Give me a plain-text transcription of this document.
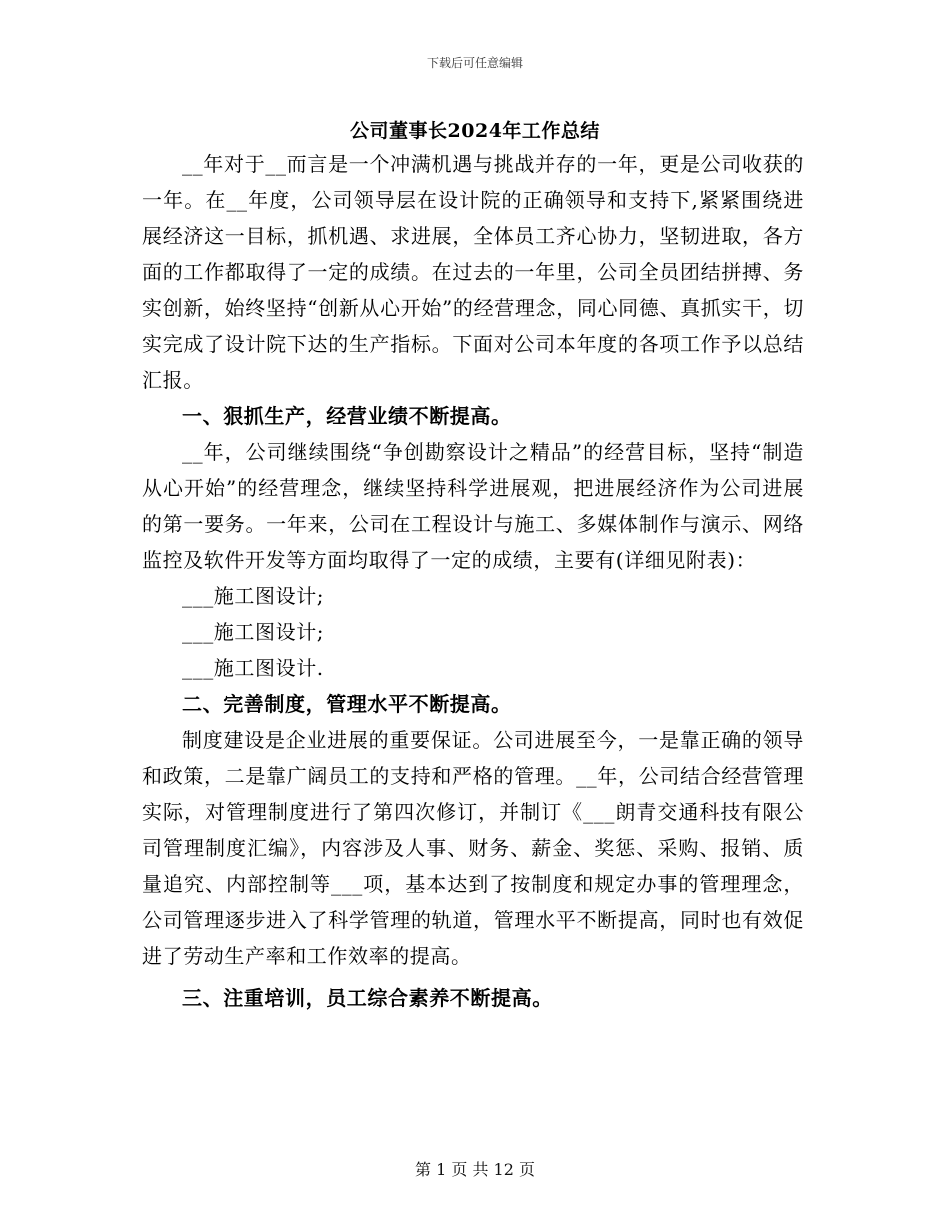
下载后可任意编辑
公司董事长2024年工作总结

__年对于__而言是一个冲满机遇与挑战并存的一年，更是公司收获的一年。在__年度，公司领导层在设计院的正确领导和支持下,紧紧围绕进展经济这一目标，抓机遇、求进展，全体员工齐心协力，坚韧进取，各方面的工作都取得了一定的成绩。在过去的一年里，公司全员团结拼搏、务实创新，始终坚持“创新从心开始”的经营理念，同心同德、真抓实干，切实完成了设计院下达的生产指标。下面对公司本年度的各项工作予以总结汇报。

一、狠抓生产，经营业绩不断提高。

__年，公司继续围绕“争创勘察设计之精品”的经营目标，坚持“制造从心开始”的经营理念，继续坚持科学进展观，把进展经济作为公司进展的第一要务。一年来，公司在工程设计与施工、多媒体制作与演示、网络监控及软件开发等方面均取得了一定的成绩，主要有(详细见附表)：

___施工图设计;

___施工图设计;

___施工图设计.

二、完善制度，管理水平不断提高。

制度建设是企业进展的重要保证。公司进展至今，一是靠正确的领导和政策，二是靠广阔员工的支持和严格的管理。__年，公司结合经营管理实际，对管理制度进行了第四次修订，并制订《___朗青交通科技有限公司管理制度汇编》，内容涉及人事、财务、薪金、奖惩、采购、报销、质量追究、内部控制等___项，基本达到了按制度和规定办事的管理理念，公司管理逐步进入了科学管理的轨道，管理水平不断提高，同时也有效促进了劳动生产率和工作效率的提高。

三、注重培训，员工综合素养不断提高。

第 1 页 共 12 页
